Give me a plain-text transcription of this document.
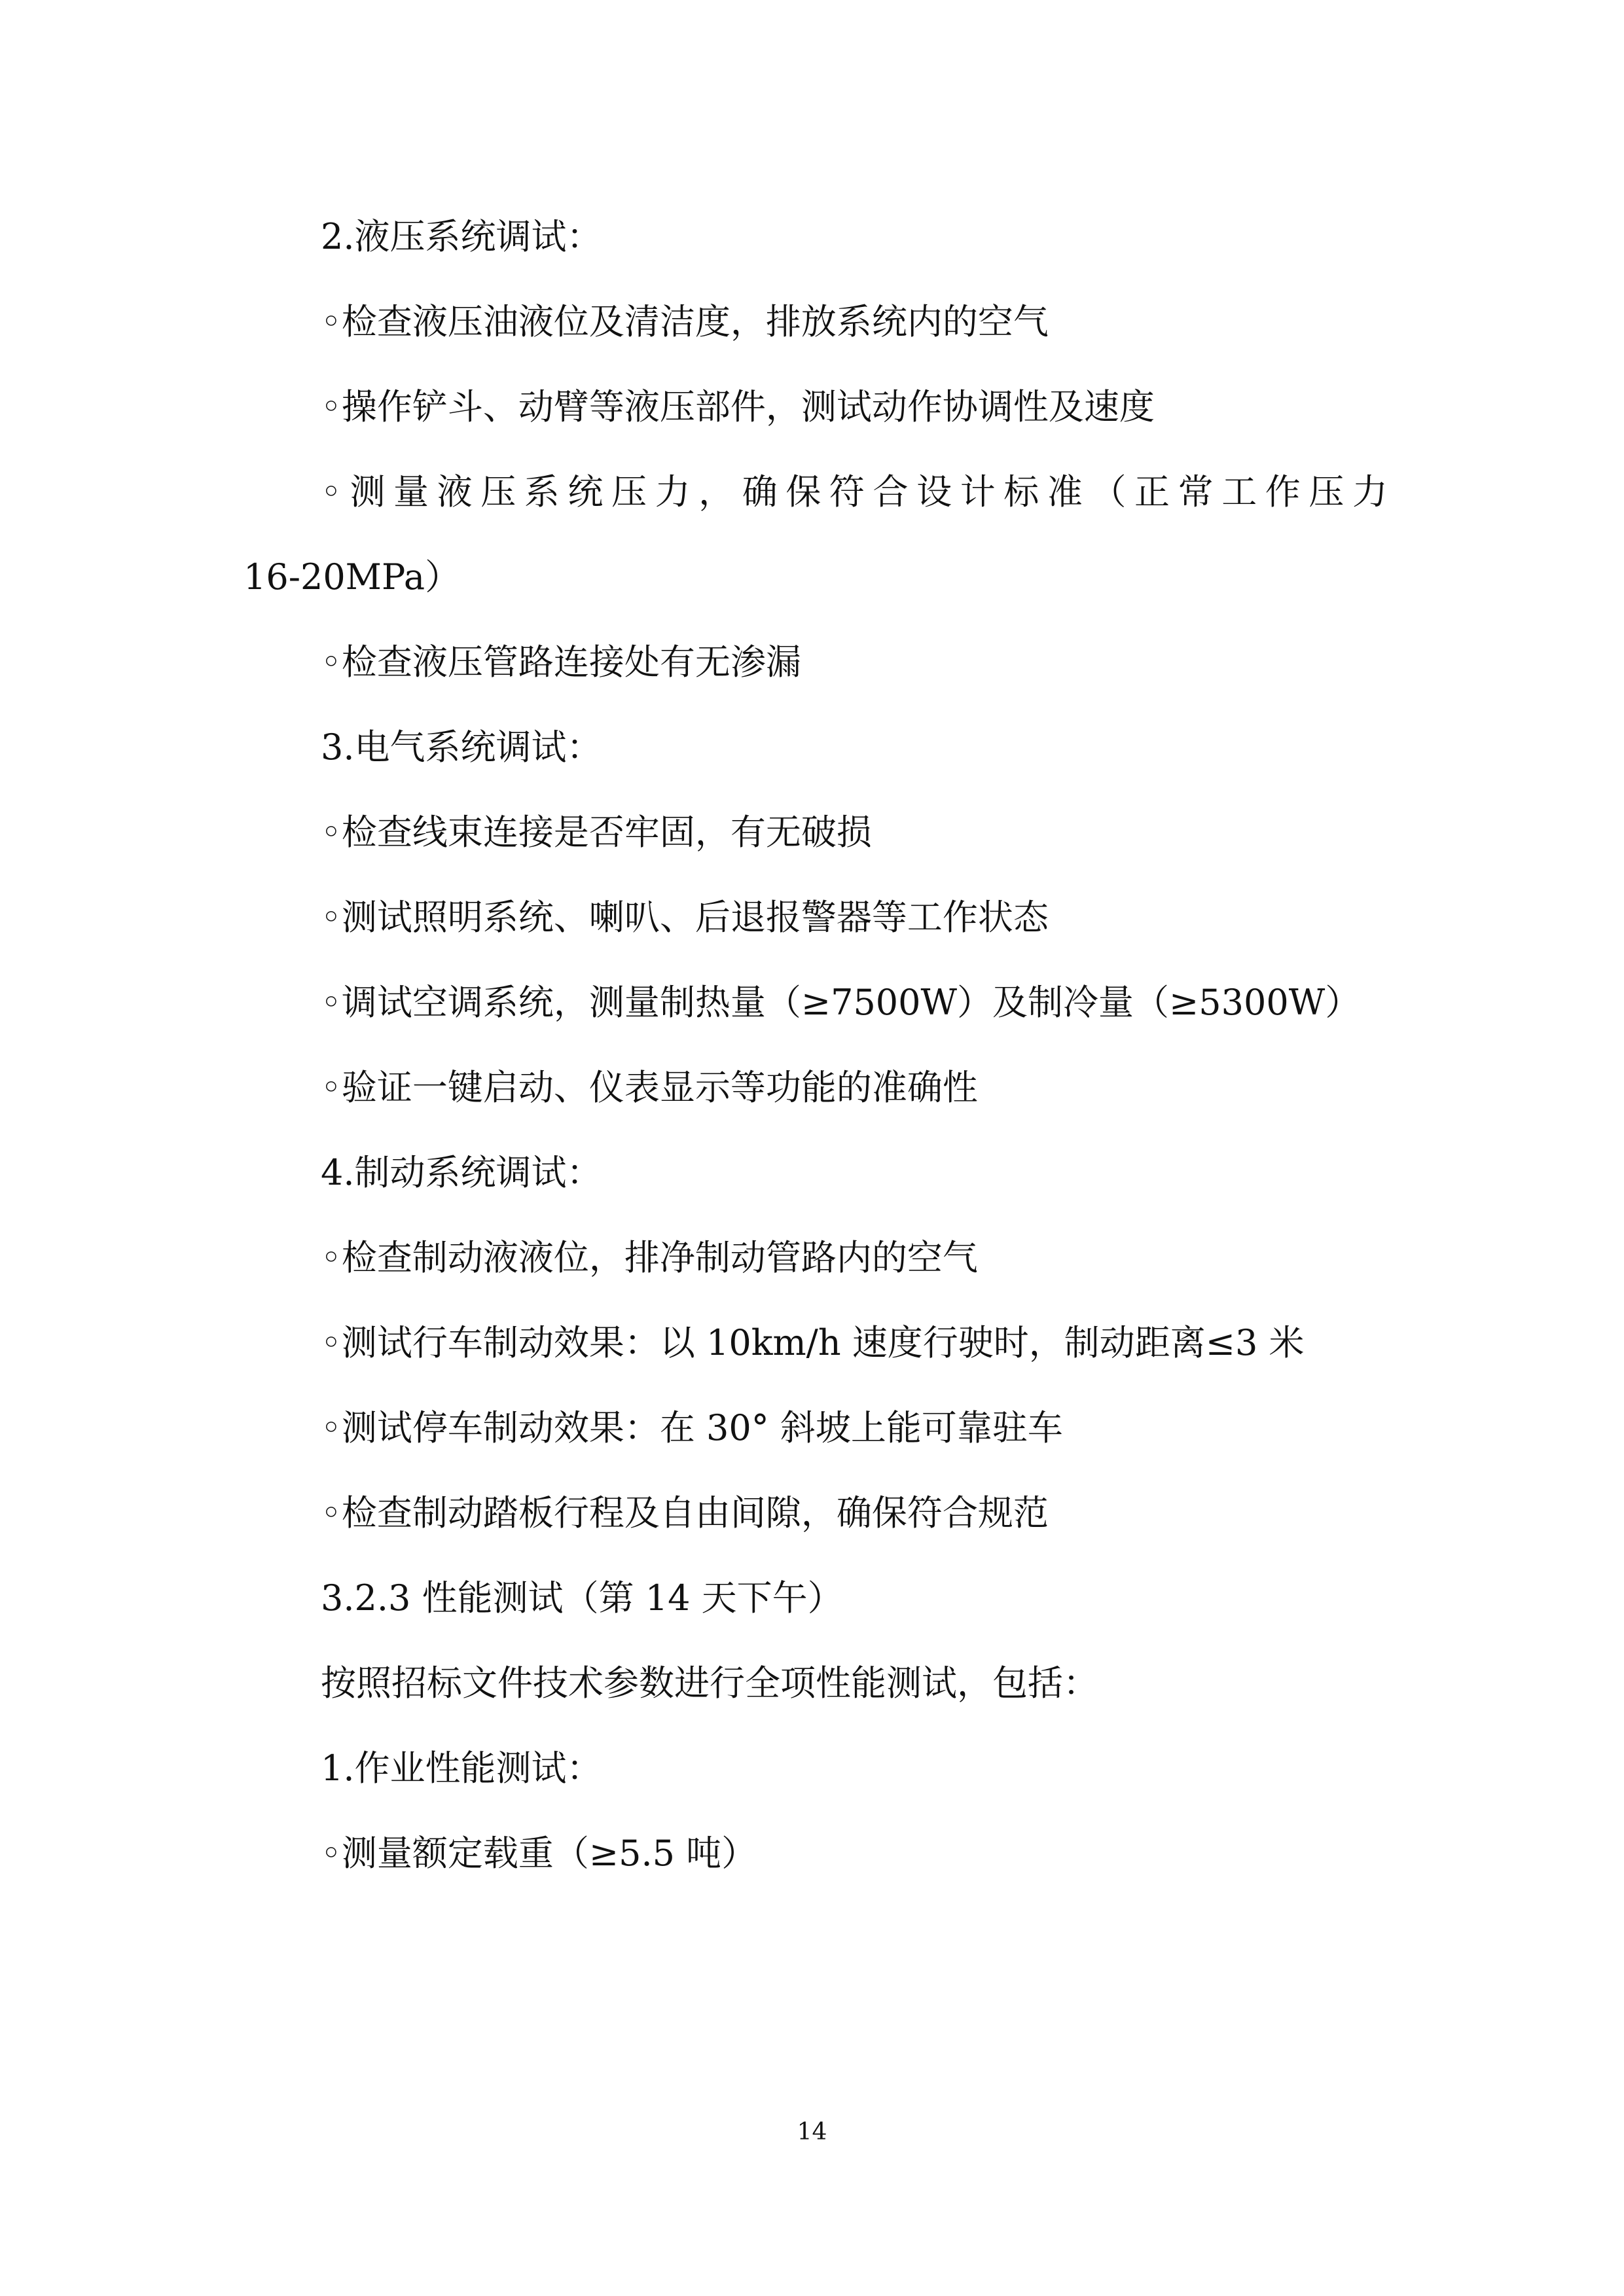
2.液压系统调试：
◦检查液压油液位及清洁度，排放系统内的空气
◦操作铲斗、动臂等液压部件，测试动作协调性及速度
◦测量液压系统压力，确保符合设计标准（正常工作压力
16-20MPa）
◦检查液压管路连接处有无渗漏
3.电气系统调试：
◦检查线束连接是否牢固，有无破损
◦测试照明系统、喇叭、后退报警器等工作状态
◦调试空调系统，测量制热量（≥7500W）及制冷量（≥5300W）
◦验证一键启动、仪表显示等功能的准确性
4.制动系统调试：
◦检查制动液液位，排净制动管路内的空气
◦测试行车制动效果：以 10km/h 速度行驶时，制动距离≤3 米
◦测试停车制动效果：在 30° 斜坡上能可靠驻车
◦检查制动踏板行程及自由间隙，确保符合规范
3.2.3 性能测试（第 14 天下午）
按照招标文件技术参数进行全项性能测试，包括：
1.作业性能测试：
◦测量额定载重（≥5.5 吨）
14
